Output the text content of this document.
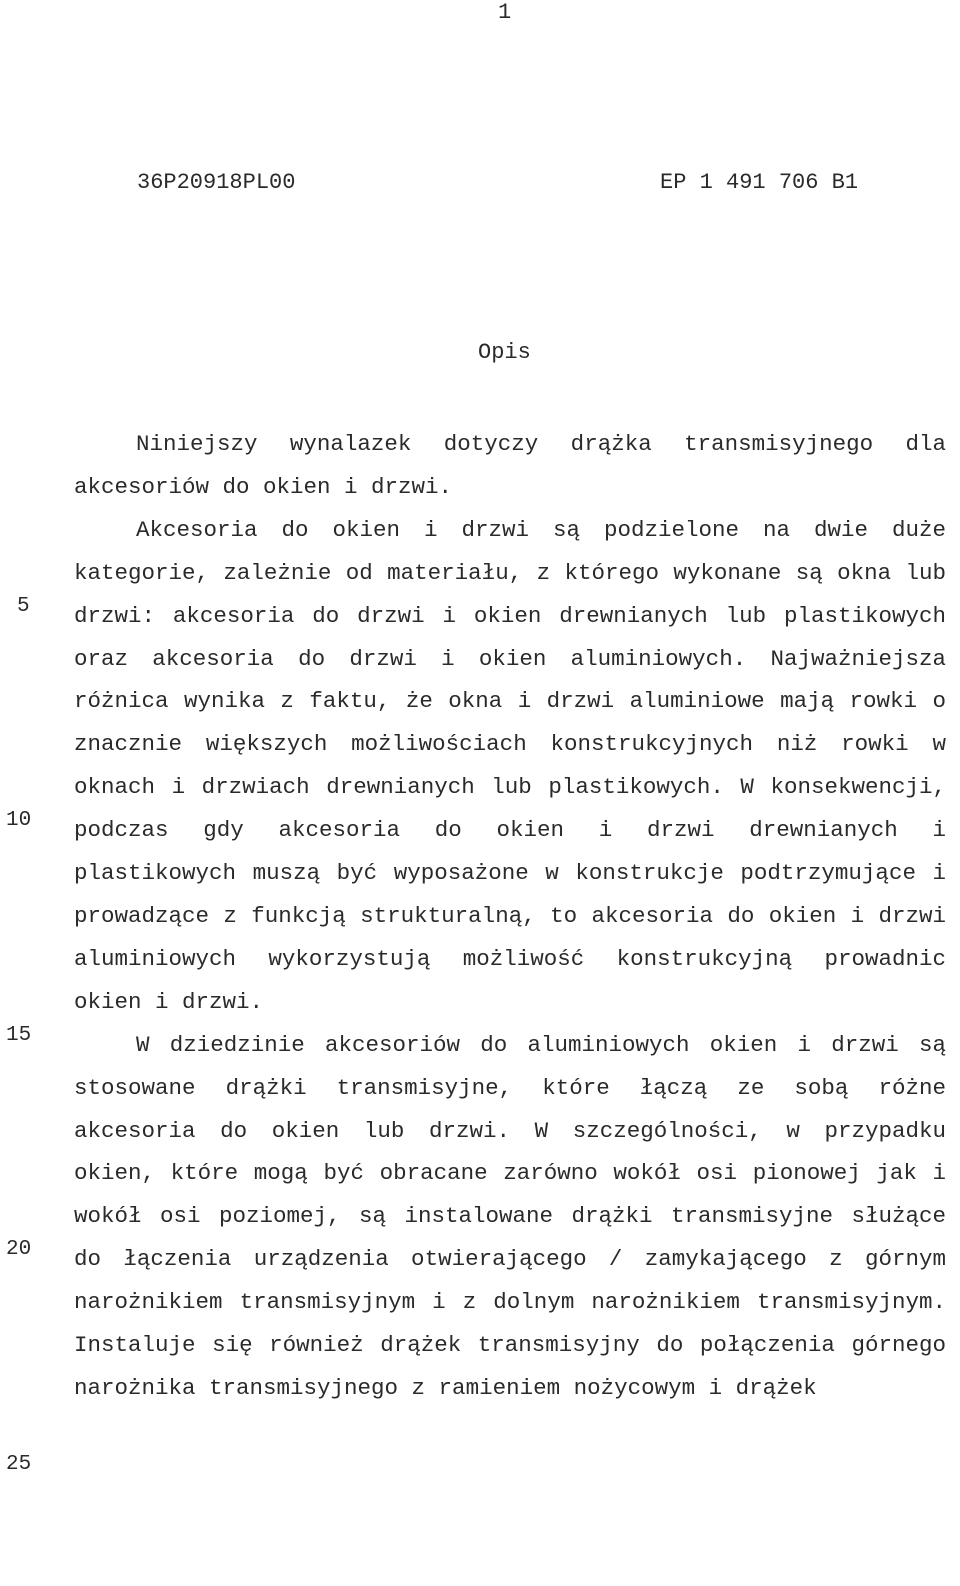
1
36P20918PL00	EP 1 491 706 B1
Opis
5
10
15
20
25

Niniejszy wynalazek dotyczy drążka transmisyjnego dla akcesoriów do okien i drzwi.

Akcesoria do okien i drzwi są podzielone na dwie duże kategorie, zależnie od materiału, z którego wykonane są okna lub drzwi: akcesoria do drzwi i okien drewnianych lub plastikowych oraz akcesoria do drzwi i okien aluminiowych. Najważniejsza różnica wynika z faktu, że okna i drzwi aluminiowe mają rowki o znacznie większych możliwościach konstrukcyjnych niż rowki w oknach i drzwiach drewnianych lub plastikowych. W konsekwencji, podczas gdy akcesoria do okien i drzwi drewnianych i plastikowych muszą być wyposażone w konstrukcje podtrzymujące i prowadzące z funkcją strukturalną, to akcesoria do okien i drzwi aluminiowych wykorzystują możliwość konstrukcyjną prowadnic okien i drzwi.

W dziedzinie akcesoriów do aluminiowych okien i drzwi są stosowane drążki transmisyjne, które łączą ze sobą różne akcesoria do okien lub drzwi. W szczególności, w przypadku okien, które mogą być obracane zarówno wokół osi pionowej jak i wokół osi poziomej, są instalowane drążki transmisyjne służące do łączenia urządzenia otwierającego / zamykającego z górnym narożnikiem transmisyjnym i z dolnym narożnikiem transmisyjnym. Instaluje się również drążek transmisyjny do połączenia górnego narożnika transmisyjnego z ramieniem nożycowym i drążek
